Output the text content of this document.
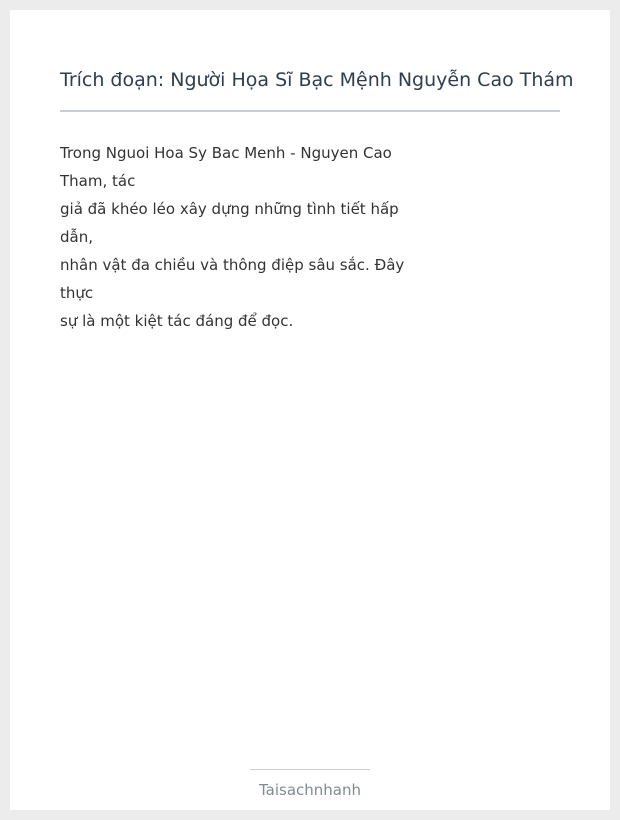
Trích đoạn: Người Họa Sĩ Bạc Mệnh Nguyễn Cao Thám
Trong Nguoi Hoa Sy Bac Menh - Nguyen Cao
Tham, tác
giả đã khéo léo xây dựng những tình tiết hấp
dẫn,
nhân vật đa chiều và thông điệp sâu sắc. Đây
thực
sự là một kiệt tác đáng để đọc.
Taisachnhanh
